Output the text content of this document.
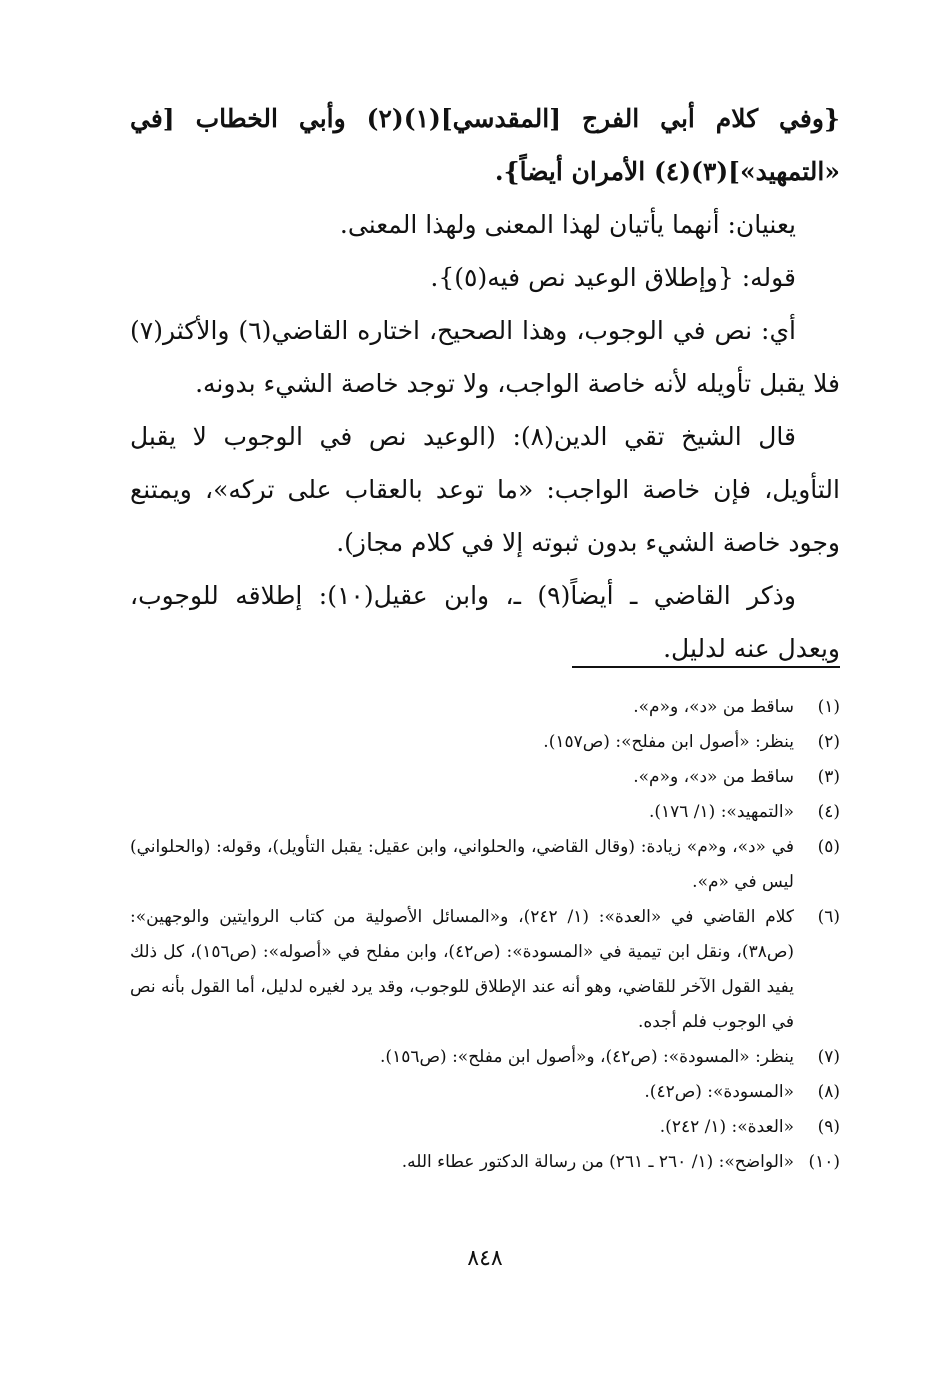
{وفي كلام أبي الفرج [المقدسي](١)(٢) وأبي الخطاب [في «التمهيد»](٣)(٤) الأمران أيضاً}.

يعنيان: أنهما يأتيان لهذا المعنى ولهذا المعنى.

قوله: {وإطلاق الوعيد نص فيه(٥)}.

أي: نص في الوجوب، وهذا الصحيح، اختاره القاضي(٦) والأكثر(٧) فلا يقبل تأويله لأنه خاصة الواجب، ولا توجد خاصة الشيء بدونه.

قال الشيخ تقي الدين(٨): (الوعيد نص في الوجوب لا يقبل التأويل، فإن خاصة الواجب: «ما توعد بالعقاب على تركه»، ويمتنع وجود خاصة الشيء بدون ثبوته إلا في كلام مجاز).

وذكر القاضي ـ أيضاً(٩) ـ، وابن عقيل(١٠): إطلاقه للوجوب، ويعدل عنه لدليل.

(١)
ساقط من «د»، و«م».
(٢)
ينظر: «أصول ابن مفلح»: (ص١٥٧).
(٣)
ساقط من «د»، و«م».
(٤)
«التمهيد»: (١/ ١٧٦).
(٥)
في «د»، و«م» زيادة: (وقال القاضي، والحلواني، وابن عقيل: يقبل التأويل)، وقوله: (والحلواني) ليس في «م».
(٦)
كلام القاضي في «العدة»: (١/ ٢٤٢)، و«المسائل الأصولية من كتاب الروايتين والوجهين»: (ص٣٨)، ونقل ابن تيمية في «المسودة»: (ص٤٢)، وابن مفلح في «أصوله»: (ص١٥٦)، كل ذلك يفيد القول الآخر للقاضي، وهو أنه عند الإطلاق للوجوب، وقد يرد لغيره لدليل، أما القول بأنه نص في الوجوب فلم أجده.
(٧)
ينظر: «المسودة»: (ص٤٢)، و«أصول ابن مفلح»: (ص١٥٦).
(٨)
«المسودة»: (ص٤٢).
(٩)
«العدة»: (١/ ٢٤٢).
(١٠)
«الواضح»: (١/ ٢٦٠ ـ ٢٦١) من رسالة الدكتور عطاء الله.
٨٤٨
